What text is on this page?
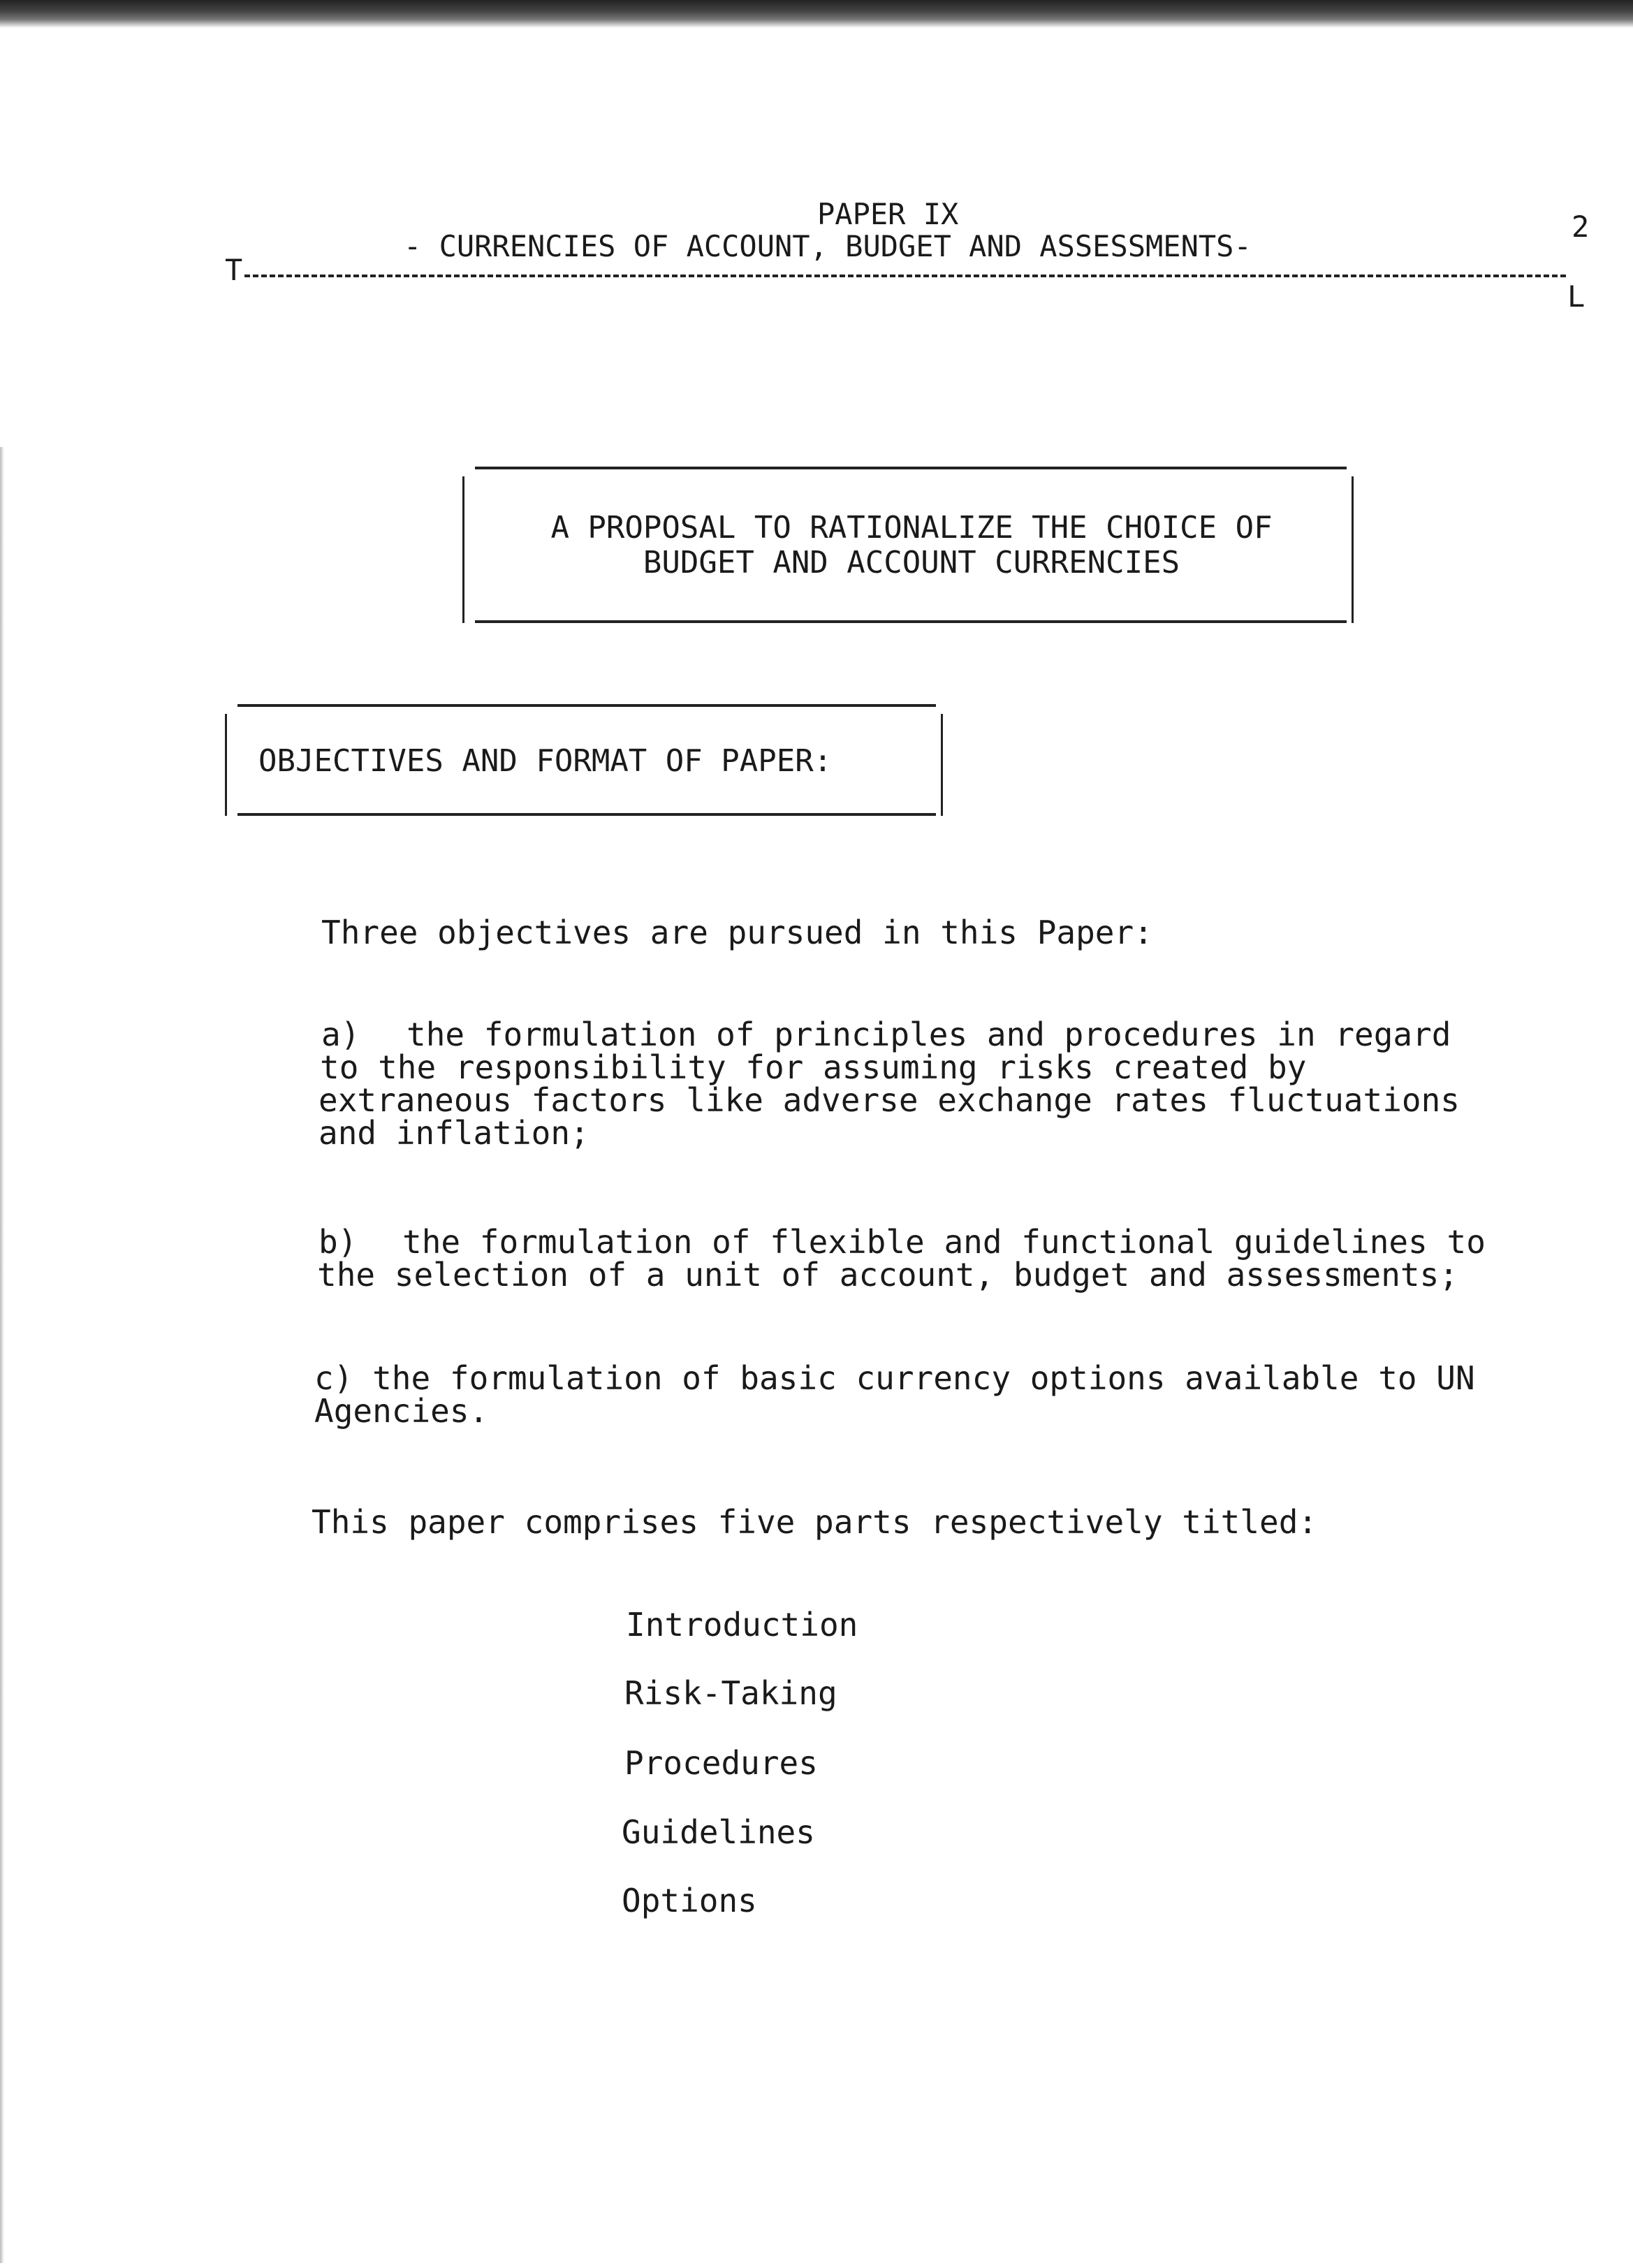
PAPER IX
- CURRENCIES OF ACCOUNT, BUDGET AND ASSESSMENTS-
2
T
L
A PROPOSAL TO RATIONALIZE THE CHOICE OF
BUDGET AND ACCOUNT CURRENCIES
OBJECTIVES AND FORMAT OF PAPER:
Three objectives are pursued in this Paper:
a) the formulation of principles and procedures in regard
to the responsibility for assuming risks created by
extraneous factors like adverse exchange rates fluctuations
and inflation;
b) the formulation of flexible and functional guidelines to
the selection of a unit of account, budget and assessments;
c) the formulation of basic currency options available to UN
Agencies.
This paper comprises five parts respectively titled:
Introduction
Risk-Taking
Procedures
Guidelines
Options
